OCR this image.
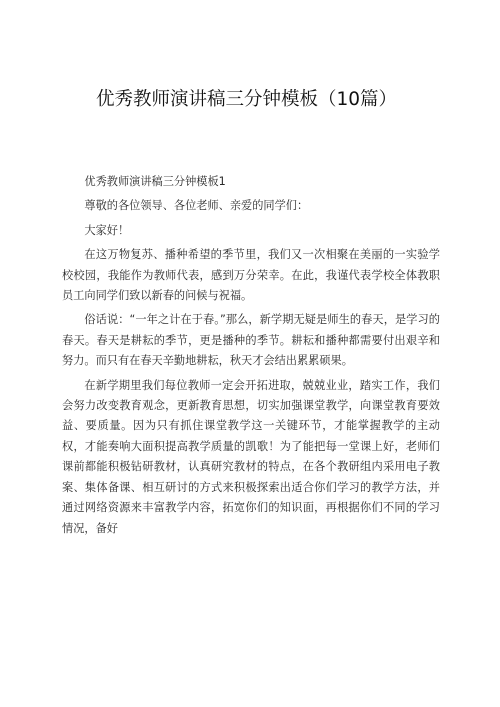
优秀教师演讲稿三分钟模板（10篇）

优秀教师演讲稿三分钟模板1

尊敬的各位领导、各位老师、亲爱的同学们：

大家好！

在这万物复苏、播种希望的季节里，我们又一次相聚在美丽的一实验学校校园，我能作为教师代表，感到万分荣幸。在此，我谨代表学校全体教职员工向同学们致以新春的问候与祝福。

俗话说：“一年之计在于春。”那么，新学期无疑是师生的春天，是学习的春天。春天是耕耘的季节，更是播种的季节。耕耘和播种都需要付出艰辛和努力。而只有在春天辛勤地耕耘，秋天才会结出累累硕果。

在新学期里我们每位教师一定会开拓进取，兢兢业业，踏实工作，我们会努力改变教育观念，更新教育思想，切实加强课堂教学，向课堂教育要效益、要质量。因为只有抓住课堂教学这一关键环节，才能掌握教学的主动权，才能奏响大面积提高教学质量的凯歌！为了能把每一堂课上好，老师们课前都能积极钻研教材，认真研究教材的特点，在各个教研组内采用电子教案、集体备课、相互研讨的方式来积极探索出适合你们学习的教学方法，并通过网络资源来丰富教学内容，拓宽你们的知识面，再根据你们不同的学习情况，备好
